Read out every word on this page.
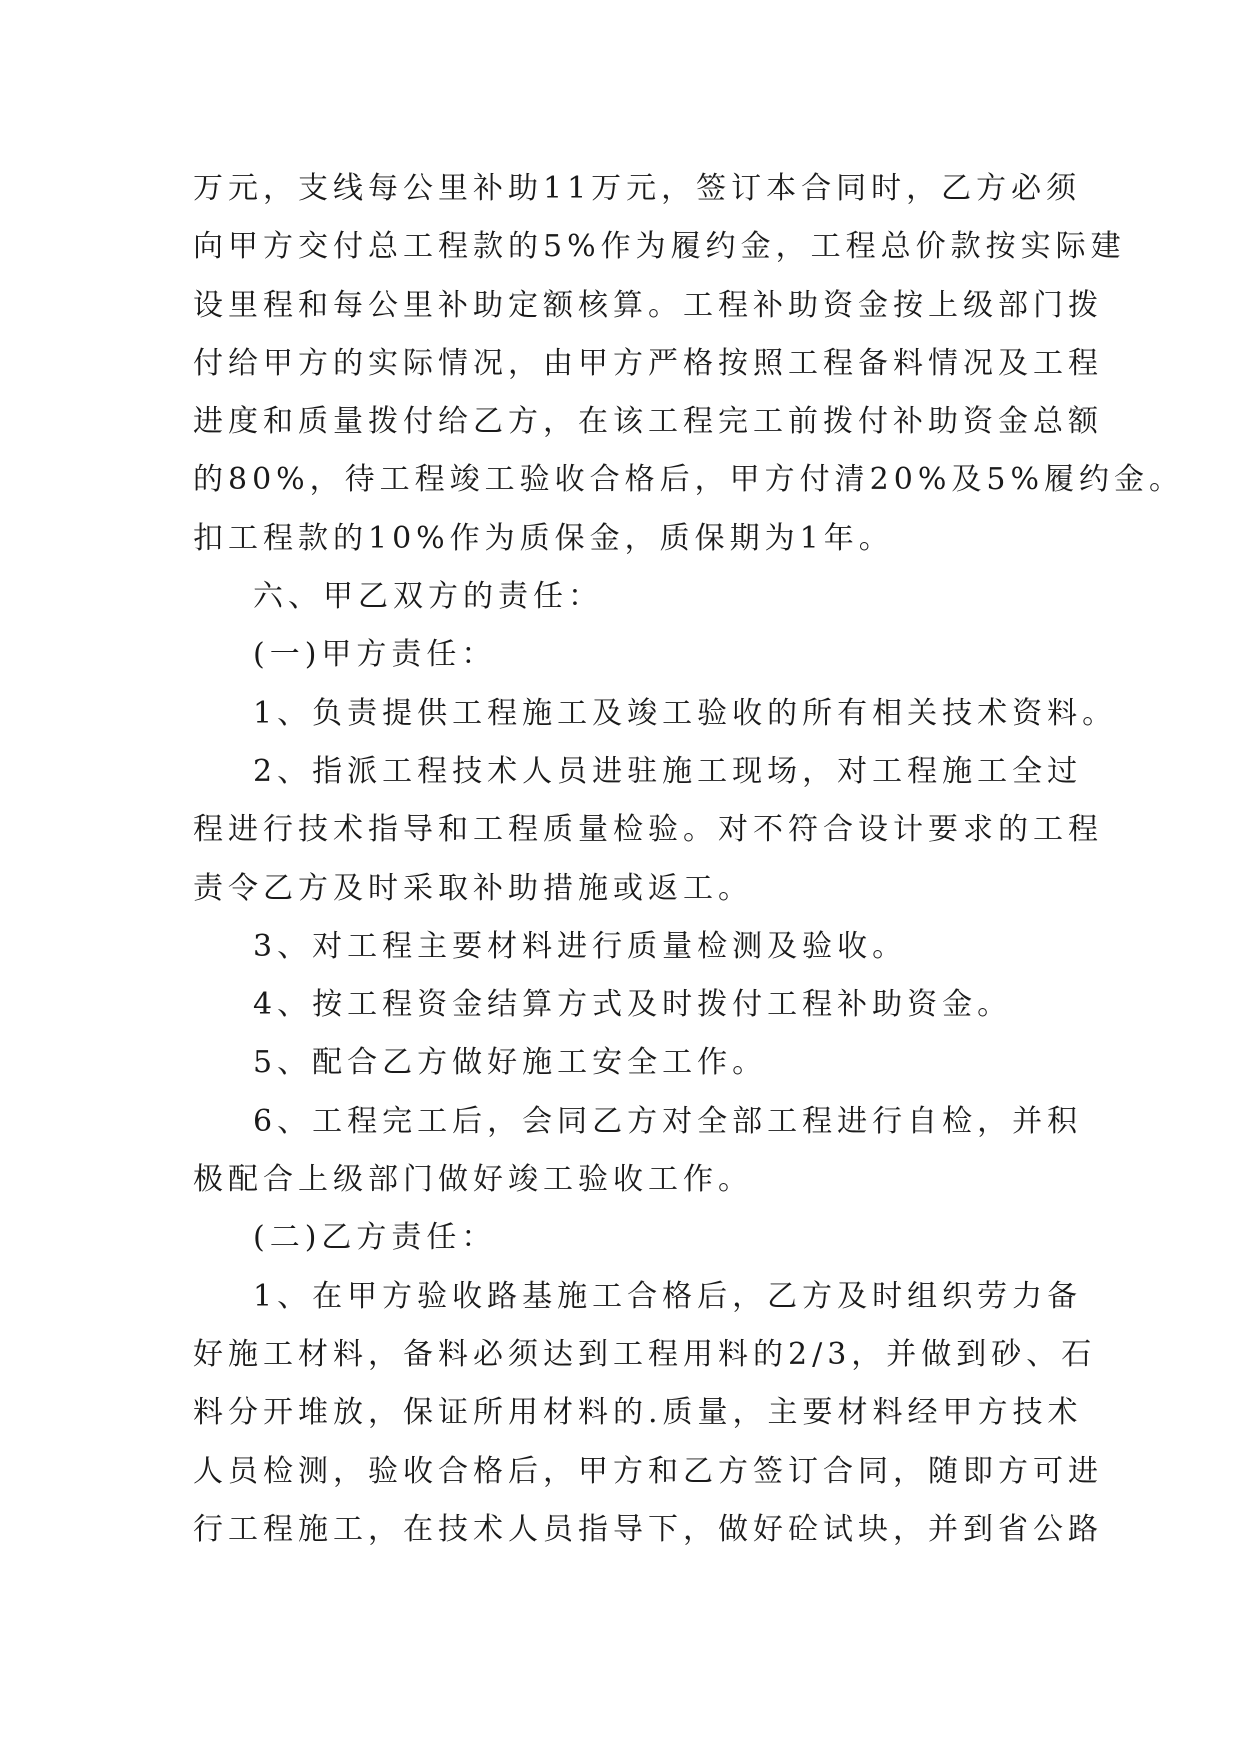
万元，支线每公里补助11万元，签订本合同时，乙方必须
向甲方交付总工程款的5%作为履约金，工程总价款按实际建
设里程和每公里补助定额核算。工程补助资金按上级部门拨
付给甲方的实际情况，由甲方严格按照工程备料情况及工程
进度和质量拨付给乙方，在该工程完工前拨付补助资金总额
的80%，待工程竣工验收合格后，甲方付清20%及5%履约金。
扣工程款的10%作为质保金，质保期为1年。
六、甲乙双方的责任：
(一)甲方责任：
1、负责提供工程施工及竣工验收的所有相关技术资料。
2、指派工程技术人员进驻施工现场，对工程施工全过
程进行技术指导和工程质量检验。对不符合设计要求的工程
责令乙方及时采取补助措施或返工。
3、对工程主要材料进行质量检测及验收。
4、按工程资金结算方式及时拨付工程补助资金。
5、配合乙方做好施工安全工作。
6、工程完工后，会同乙方对全部工程进行自检，并积
极配合上级部门做好竣工验收工作。
(二)乙方责任：
1、在甲方验收路基施工合格后，乙方及时组织劳力备
好施工材料，备料必须达到工程用料的2/3，并做到砂、石
料分开堆放，保证所用材料的.质量，主要材料经甲方技术
人员检测，验收合格后，甲方和乙方签订合同，随即方可进
行工程施工，在技术人员指导下，做好砼试块，并到省公路
